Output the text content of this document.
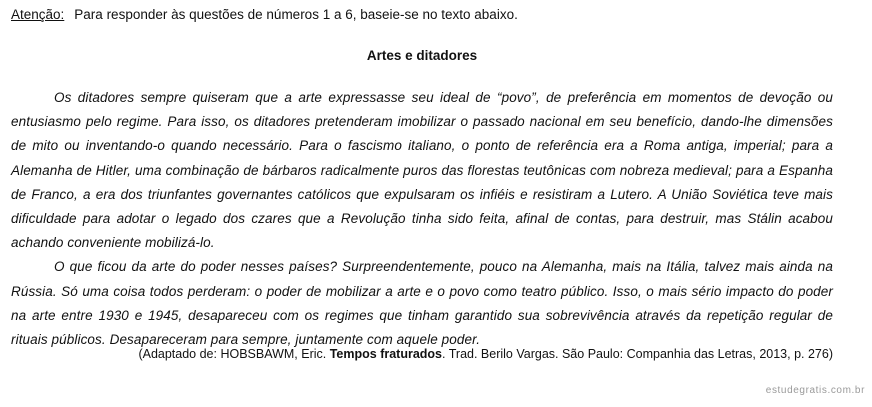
Atenção: Para responder às questões de números 1 a 6, baseie-se no texto abaixo.
Artes e ditadores

Os ditadores sempre quiseram que a arte expressasse seu ideal de “povo”, de preferência em momentos de devoção ou entusiasmo pelo regime. Para isso, os ditadores pretenderam imobilizar o passado nacional em seu benefício, dando-lhe dimensões de mito ou inventando-o quando necessário. Para o fascismo italiano, o ponto de referência era a Roma antiga, imperial; para a Alemanha de Hitler, uma combinação de bárbaros radicalmente puros das florestas teutônicas com nobreza medieval; para a Espanha de Franco, a era dos triunfantes governantes católicos que expulsaram os infiéis e resistiram a Lutero. A União Soviética teve mais dificuldade para adotar o legado dos czares que a Revolução tinha sido feita, afinal de contas, para destruir, mas Stálin acabou achando conveniente mobilizá-lo.

O que ficou da arte do poder nesses países? Surpreendentemente, pouco na Alemanha, mais na Itália, talvez mais ainda na Rússia. Só uma coisa todos perderam: o poder de mobilizar a arte e o povo como teatro público. Isso, o mais sério impacto do poder na arte entre 1930 e 1945, desapareceu com os regimes que tinham garantido sua sobrevivência através da repetição regular de rituais públicos. Desapareceram para sempre, juntamente com aquele poder.

(Adaptado de: HOBSBAWM, Eric. Tempos fraturados. Trad. Berilo Vargas. São Paulo: Companhia das Letras, 2013, p. 276)
estudegratis.com.br
